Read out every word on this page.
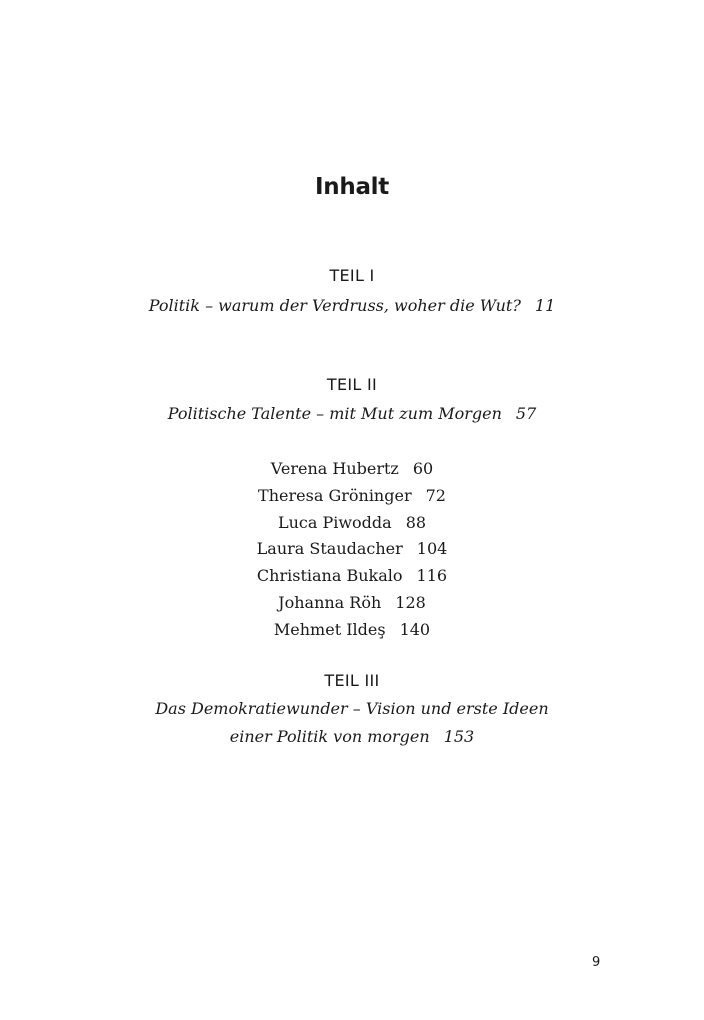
Inhalt
TEIL I
Politik – warum der Verdruss, woher die Wut? 11
TEIL II
Politische Talente – mit Mut zum Morgen 57
Verena Hubertz 60
Theresa Gröninger 72
Luca Piwodda 88
Laura Staudacher 104
Christiana Bukalo 116
Johanna Röh 128
Mehmet Ildeş 140
TEIL III
Das Demokratiewunder – Vision und erste Ideen
einer Politik von morgen 153
9
